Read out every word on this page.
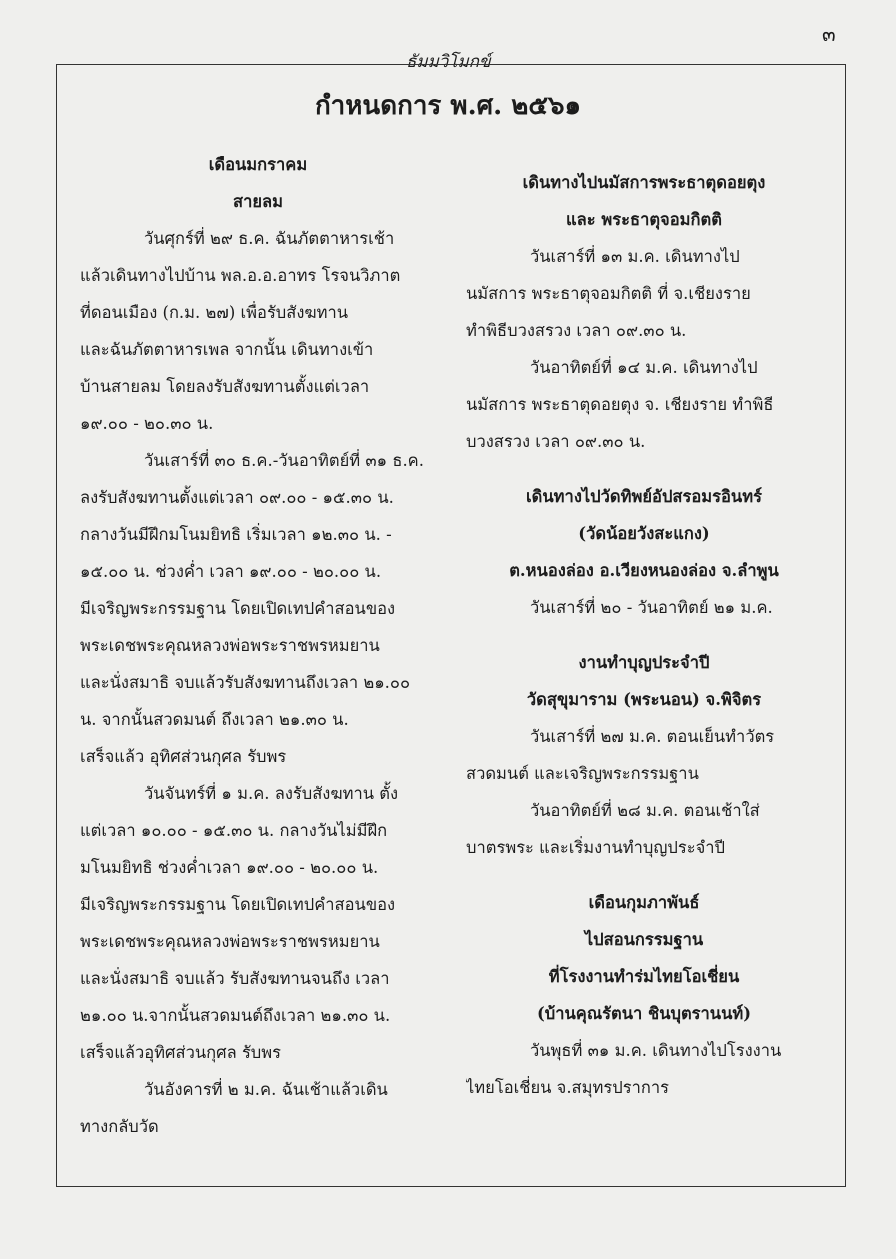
๓
ธัมมวิโมกข์
กำหนดการ พ.ศ. ๒๕๖๑
เดือนมกราคม
สายลม
วันศุกร์ที่ ๒๙ ธ.ค. ฉันภัตตาหารเช้า
แล้วเดินทางไปบ้าน พล.อ.อ.อาทร โรจนวิภาต
ที่ดอนเมือง (ก.ม. ๒๗) เพื่อรับสังฆทาน
และฉันภัตตาหารเพล จากนั้น เดินทางเข้า
บ้านสายลม โดยลงรับสังฆทานตั้งแต่เวลา
๑๙.๐๐ - ๒๐.๓๐ น.
วันเสาร์ที่ ๓๐ ธ.ค.-วันอาทิตย์ที่ ๓๑ ธ.ค.
ลงรับสังฆทานตั้งแต่เวลา ๐๙.๐๐ - ๑๕.๓๐ น.
กลางวันมีฝึกมโนมยิทธิ เริ่มเวลา ๑๒.๓๐ น. -
๑๕.๐๐ น. ช่วงค่ำ เวลา ๑๙.๐๐ - ๒๐.๐๐ น.
มีเจริญพระกรรมฐาน โดยเปิดเทปคำสอนของ
พระเดชพระคุณหลวงพ่อพระราชพรหมยาน
และนั่งสมาธิ จบแล้วรับสังฆทานถึงเวลา ๒๑.๐๐
น. จากนั้นสวดมนต์ ถึงเวลา ๒๑.๓๐ น.
เสร็จแล้ว อุทิศส่วนกุศล รับพร
วันจันทร์ที่ ๑ ม.ค. ลงรับสังฆทาน ตั้ง
แต่เวลา ๑๐.๐๐ - ๑๕.๓๐ น. กลางวันไม่มีฝึก
มโนมยิทธิ ช่วงค่ำเวลา ๑๙.๐๐ - ๒๐.๐๐ น.
มีเจริญพระกรรมฐาน โดยเปิดเทปคำสอนของ
พระเดชพระคุณหลวงพ่อพระราชพรหมยาน
และนั่งสมาธิ จบแล้ว รับสังฆทานจนถึง เวลา
๒๑.๐๐ น.จากนั้นสวดมนต์ถึงเวลา ๒๑.๓๐ น.
เสร็จแล้วอุทิศส่วนกุศล รับพร
วันอังคารที่ ๒ ม.ค. ฉันเช้าแล้วเดิน
ทางกลับวัด
เดินทางไปนมัสการพระธาตุดอยตุง
และ พระธาตุจอมกิตติ
วันเสาร์ที่ ๑๓ ม.ค. เดินทางไป
นมัสการ พระธาตุจอมกิตติ ที่ จ.เชียงราย
ทำพิธีบวงสรวง เวลา ๐๙.๓๐ น.
วันอาทิตย์ที่ ๑๔ ม.ค. เดินทางไป
นมัสการ พระธาตุดอยตุง จ. เชียงราย ทำพิธี
บวงสรวง เวลา ๐๙.๓๐ น.
เดินทางไปวัดทิพย์อัปสรอมรอินทร์
(วัดน้อยวังสะแกง)
ต.หนองล่อง อ.เวียงหนองล่อง จ.ลำพูน
วันเสาร์ที่ ๒๐ - วันอาทิตย์ ๒๑ ม.ค.
งานทำบุญประจำปี
วัดสุขุมาราม (พระนอน) จ.พิจิตร
วันเสาร์ที่ ๒๗ ม.ค. ตอนเย็นทำวัตร
สวดมนต์ และเจริญพระกรรมฐาน
วันอาทิตย์ที่ ๒๘ ม.ค. ตอนเช้าใส่
บาตรพระ และเริ่มงานทำบุญประจำปี
เดือนกุมภาพันธ์
ไปสอนกรรมฐาน
ที่โรงงานทำร่มไทยโอเชี่ยน
(บ้านคุณรัตนา ชินบุตรานนท์)
วันพุธที่ ๓๑ ม.ค. เดินทางไปโรงงาน
ไทยโอเชี่ยน จ.สมุทรปราการ
